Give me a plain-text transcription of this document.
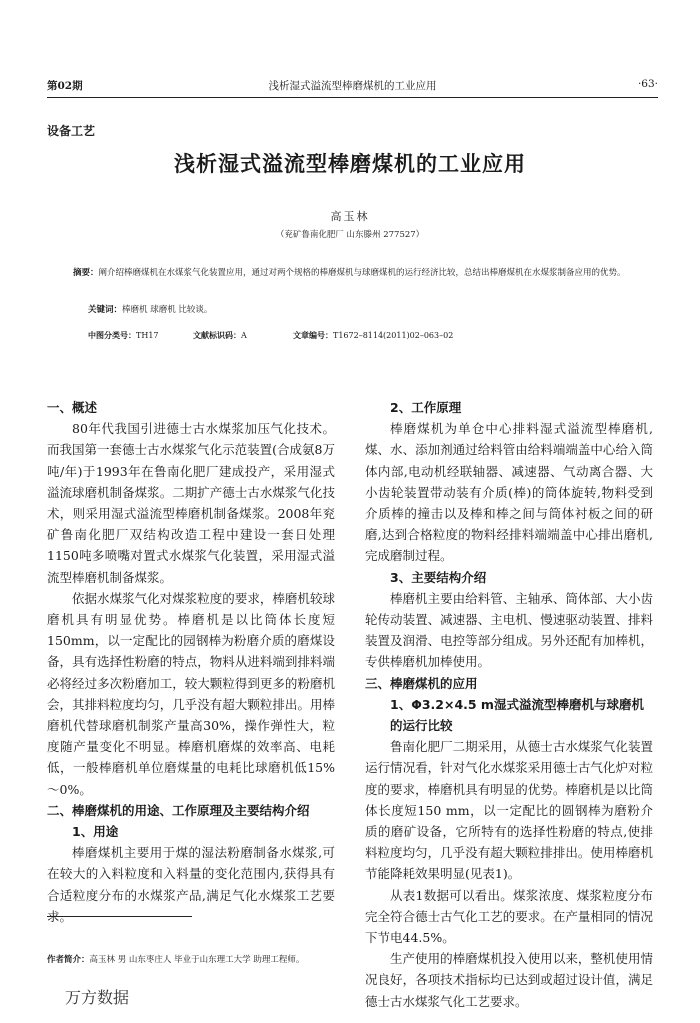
第02期	浅析湿式溢流型棒磨煤机的工业应用	·63·
设备工艺
浅析湿式溢流型棒磨煤机的工业应用
高玉林
（兖矿鲁南化肥厂 山东滕州 277527）
摘要：阐介绍棒磨煤机在水煤浆气化装置应用，通过对两个规格的棒磨煤机与球磨煤机的运行经济比较，总结出棒磨煤机在水煤浆制备应用的优势。
关键词：棒磨机 球磨机 比较谈。
中图分类号：TH17	文献标识码：A	文章编号：T1672–8114(2011)02–063–02
一、概述

80年代我国引进德士古水煤浆加压气化技术。而我国第一套德士古水煤浆气化示范装置(合成氨8万吨/年)于1993年在鲁南化肥厂建成投产，采用湿式溢流球磨机制备煤浆。二期扩产德士古水煤浆气化技术，则采用湿式溢流型棒磨机制备煤浆。2008年兖矿鲁南化肥厂双结构改造工程中建设一套日处理1150吨多喷嘴对置式水煤浆气化装置，采用湿式溢流型棒磨机制备煤浆。

依据水煤浆气化对煤浆粒度的要求，棒磨机较球磨机具有明显优势。棒磨机是以比筒体长度短150mm，以一定配比的园钢棒为粉磨介质的磨煤设备，具有选择性粉磨的特点，物料从进料端到排料端必将经过多次粉磨加工，较大颗粒得到更多的粉磨机会，其排料粒度均匀，几乎没有超大颗粒排出。用棒磨机代替球磨机制浆产量高30%，操作弹性大，粒度随产量变化不明显。棒磨机磨煤的效率高、电耗低，一般棒磨机单位磨煤量的电耗比球磨机低15%～0%。

二、棒磨煤机的用途、工作原理及主要结构介绍
1、用途

棒磨煤机主要用于煤的湿法粉磨制备水煤浆,可在较大的入料粒度和入料量的变化范围内,获得具有合适粒度分布的水煤浆产品,满足气化水煤浆工艺要求。

2、工作原理

棒磨煤机为单仓中心排料湿式溢流型棒磨机,煤、水、添加剂通过给料管由给料端端盖中心给入筒体内部,电动机经联轴器、减速器、气动离合器、大小齿轮装置带动装有介质(棒)的筒体旋转,物料受到介质棒的撞击以及棒和棒之间与筒体衬板之间的研磨,达到合格粒度的物料经排料端端盖中心排出磨机,完成磨制过程。

3、主要结构介绍

棒磨机主要由给料管、主轴承、筒体部、大小齿轮传动装置、减速器、主电机、慢速驱动装置、排料装置及润滑、电控等部分组成。另外还配有加棒机，专供棒磨机加棒使用。

三、棒磨煤机的应用
1、Φ3.2×4.5 m湿式溢流型棒磨机与球磨机的运行比较

鲁南化肥厂二期采用，从德士古水煤浆气化装置运行情况看，针对气化水煤浆采用德士古气化炉对粒度的要求，棒磨机具有明显的优势。棒磨机是以比筒体长度短150 mm，以一定配比的圆钢棒为磨粉介质的磨矿设备，它所特有的选择性粉磨的特点,使排料粒度均匀，几乎没有超大颗粒排排出。使用棒磨机节能降耗效果明显(见表1)。

从表1数据可以看出。煤浆浓度、煤浆粒度分布完全符合德士古气化工艺的要求。在产量相同的情况下节电44.5%。

生产使用的棒磨煤机投入使用以来，整机使用情况良好，各项技术指标均已达到或超过设计值，满足德士古水煤浆气化工艺要求。

作者简介：高玉林 男 山东枣庄人 毕业于山东理工大学 助理工程师。
万方数据
